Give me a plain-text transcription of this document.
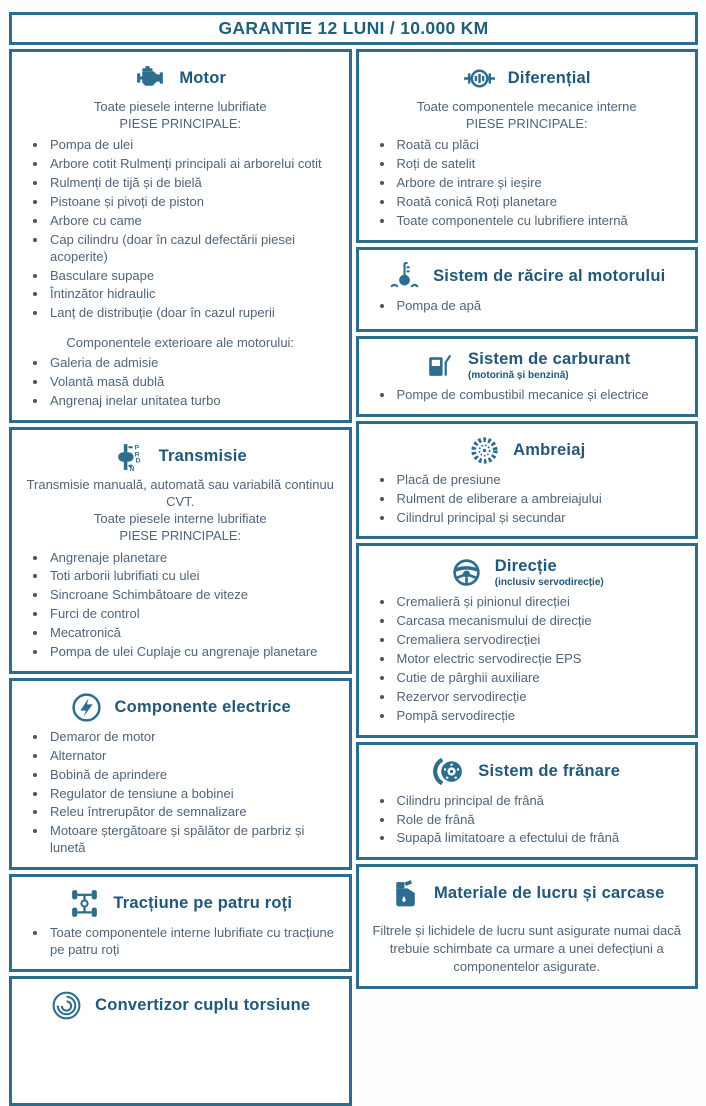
GARANTIE 12 LUNI / 10.000 KM
Motor
Toate piesele interne lubrifiate
PIESE PRINCIPALE:
• Pompa de ulei
• Arbore cotit Rulmenți principali ai arborelui cotit
• Rulmenți de tijă și de bielă
• Pistoane și pivoți de piston
• Arbore cu came
• Cap cilindru (doar în cazul defectării piesei acoperite)
• Basculare supape
• Întinzător hidraulic
• Lanț de distribuție (doar în cazul ruperii
Componentele exterioare ale motorului:
• Galeria de admisie
• Volantă masă dublă
• Angrenaj inelar unitatea turbo
P
R
D
N
Transmisie
Transmisie manuală, automată sau variabilă continuu CVT.
Toate piesele interne lubrifiate
PIESE PRINCIPALE:
• Angrenaje planetare
• Toti arborii lubrifiati cu ulei
• Sincroane Schimbătoare de viteze
• Furci de control
• Mecatronică
• Pompa de ulei Cuplaje cu angrenaje planetare
Componente electrice
• Demaror de motor
• Alternator
• Bobină de aprindere
• Regulator de tensiune a bobinei
• Releu întrerupător de semnalizare
• Motoare ștergătoare și spălător de parbriz și lunetă
Tracțiune pe patru roți
• Toate componentele interne lubrifiate cu tracțiune pe patru roți
Convertizor cuplu torsiune
Diferențial
Toate componentele mecanice interne
PIESE PRINCIPALE:
• Roată cu plăci
• Roți de satelit
• Arbore de intrare și ieșire
• Roată conică Roți planetare
• Toate componentele cu lubrifiere internă
Sistem de răcire al motorului
• Pompa de apă
Sistem de carburant
(motorină și benzină)
• Pompe de combustibil mecanice și electrice
Ambreiaj
• Placă de presiune
• Rulment de eliberare a ambreiajului
• Cilindrul principal și secundar
Direcție
(inclusiv servodirecție)
• Cremalieră și pinionul direcției
• Carcasa mecanismului de direcție
• Cremaliera servodirecției
• Motor electric servodirecție EPS
• Cutie de pârghii auxiliare
• Rezervor servodirecție
• Pompă servodirecție
Sistem de frănare
• Cilindru principal de frână
• Role de frână
• Supapă limitatoare a efectului de frână
Materiale de lucru și carcase
Filtrele și lichidele de lucru sunt asigurate numai dacă trebuie schimbate ca urmare a unei defecțiuni a componentelor asigurate.
